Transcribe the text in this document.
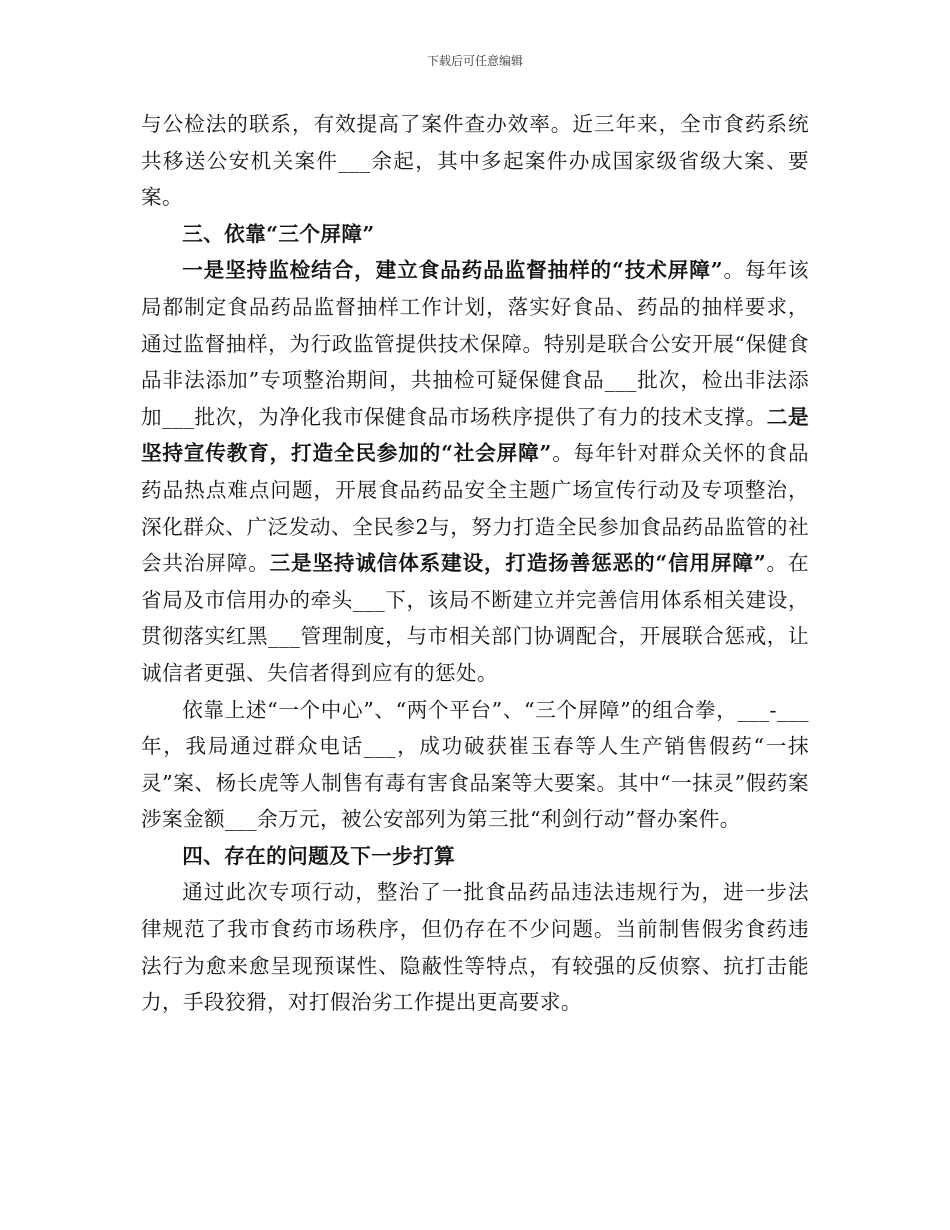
下载后可任意编辑

与公检法的联系，有效提高了案件查办效率。近三年来，全市食药系统共移送公安机关案件___余起，其中多起案件办成国家级省级大案、要案。

三、依靠“三个屏障”

一是坚持监检结合，建立食品药品监督抽样的“技术屏障”。每年该局都制定食品药品监督抽样工作计划，落实好食品、药品的抽样要求，通过监督抽样，为行政监管提供技术保障。特别是联合公安开展“保健食品非法添加”专项整治期间，共抽检可疑保健食品___批次，检出非法添加___批次，为净化我市保健食品市场秩序提供了有力的技术支撑。二是坚持宣传教育，打造全民参加的“社会屏障”。每年针对群众关怀的食品药品热点难点问题，开展食品药品安全主题广场宣传行动及专项整治，深化群众、广泛发动、全民参2与，努力打造全民参加食品药品监管的社会共治屏障。三是坚持诚信体系建设，打造扬善惩恶的“信用屏障”。在省局及市信用办的牵头___下，该局不断建立并完善信用体系相关建设，贯彻落实红黑___管理制度，与市相关部门协调配合，开展联合惩戒，让诚信者更强、失信者得到应有的惩处。

依靠上述“一个中心”、“两个平台”、“三个屏障”的组合拳，___-___年，我局通过群众电话___，成功破获崔玉春等人生产销售假药“一抹灵”案、杨长虎等人制售有毒有害食品案等大要案。其中“一抹灵”假药案涉案金额___余万元，被公安部列为第三批“利剑行动”督办案件。

四、存在的问题及下一步打算

通过此次专项行动，整治了一批食品药品违法违规行为，进一步法律规范了我市食药市场秩序，但仍存在不少问题。当前制售假劣食药违法行为愈来愈呈现预谋性、隐蔽性等特点，有较强的反侦察、抗打击能力，手段狡猾，对打假治劣工作提出更高要求。
